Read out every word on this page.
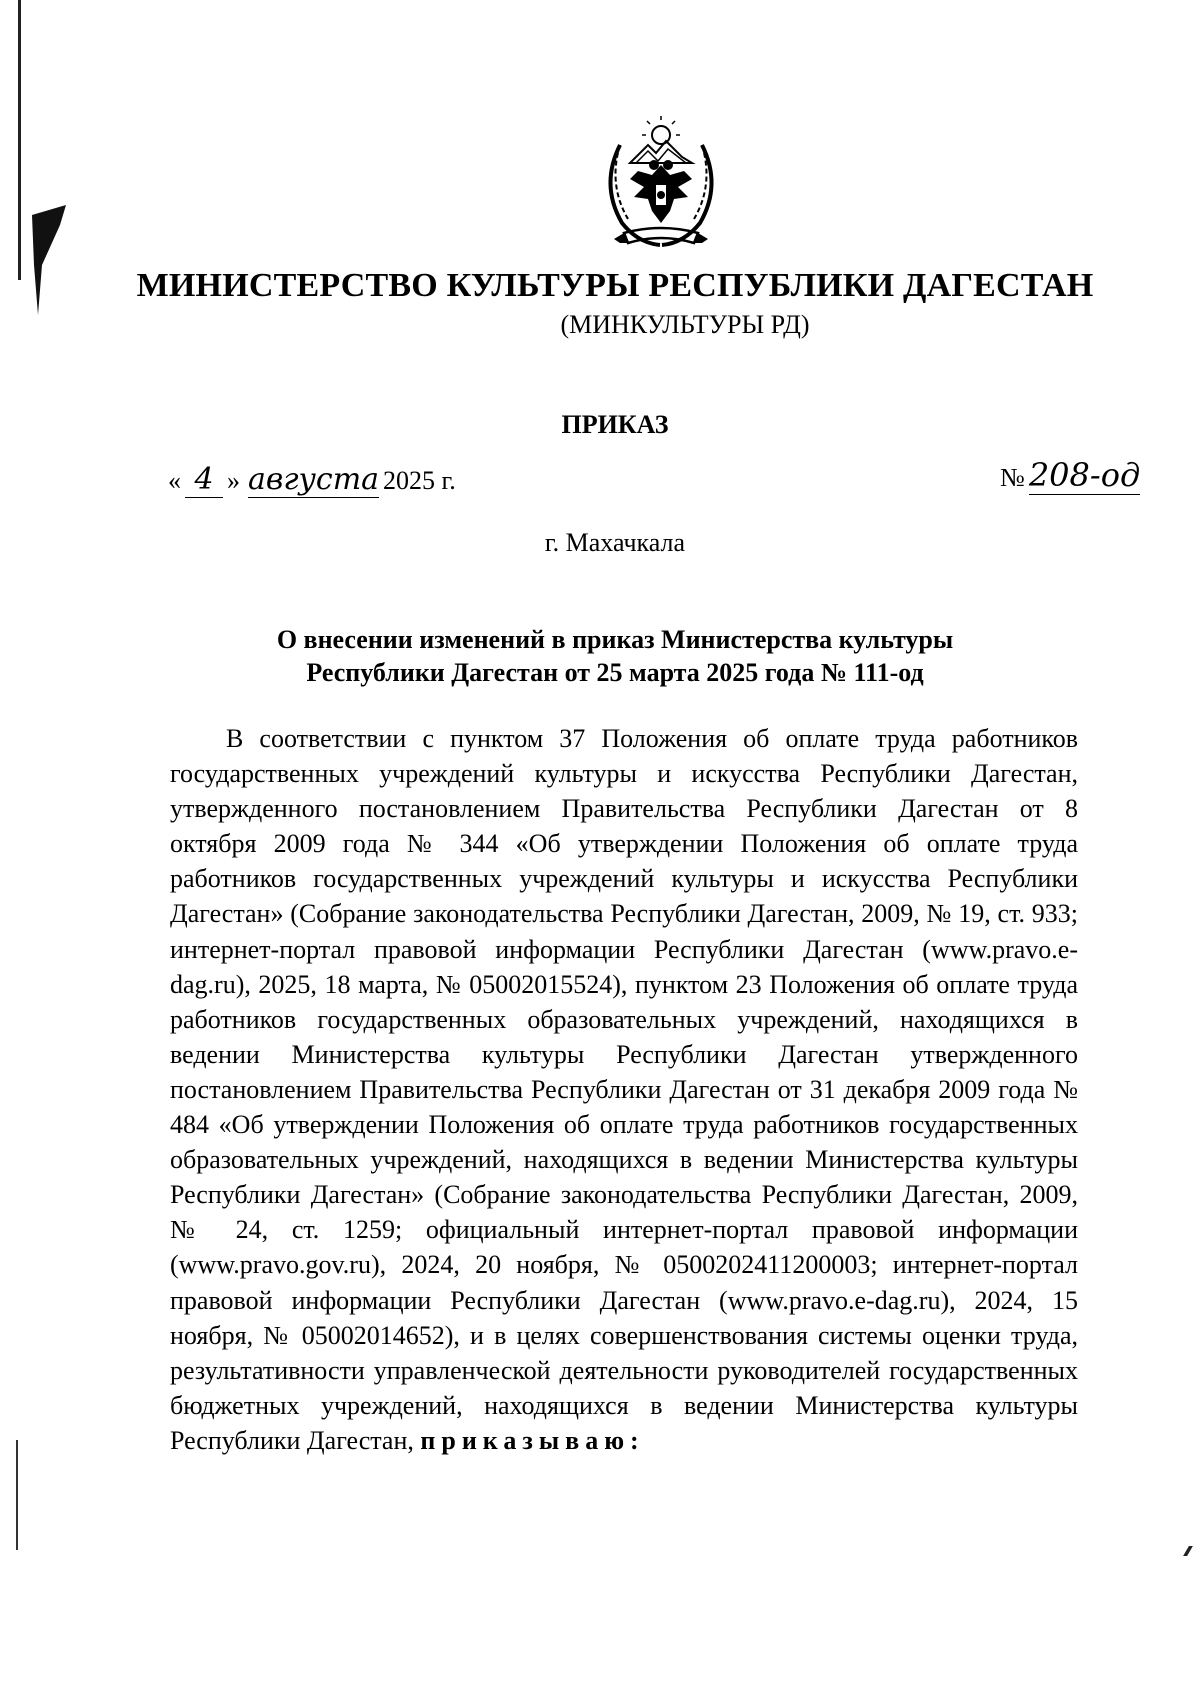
МИНИСТЕРСТВО КУЛЬТУРЫ РЕСПУБЛИКИ ДАГЕСТАН
(МИНКУЛЬТУРЫ РД)
ПРИКАЗ
« 4 » августа 2025 г.	№ 208-од
г. Махачкала
О внесении изменений в приказ Министерства культуры
Республики Дагестан от 25 марта 2025 года № 111-од

В соответствии с пунктом 37 Положения об оплате труда работников государственных учреждений культуры и искусства Республики Дагестан, утвержденного постановлением Правительства Республики Дагестан от 8 октября 2009 года № 344 «Об утверждении Положения об оплате труда работников государственных учреждений культуры и искусства Республики Дагестан» (Собрание законодательства Республики Дагестан, 2009, № 19, ст. 933; интернет-портал правовой информации Республики Дагестан (www.pravo.e-dag.ru), 2025, 18 марта, № 05002015524), пунктом 23 Положения об оплате труда работников государственных образовательных учреждений, находящихся в ведении Министерства культуры Республики Дагестан утвержденного постановлением Правительства Республики Дагестан от 31 декабря 2009 года № 484 «Об утверждении Положения об оплате труда работников государственных образовательных учреждений, находящихся в ведении Министерства культуры Республики Дагестан» (Собрание законодательства Республики Дагестан, 2009, № 24, ст. 1259; официальный интернет-портал правовой информации (www.pravo.gov.ru), 2024, 20 ноября, № 0500202411200003; интернет-портал правовой информации Республики Дагестан (www.pravo.e-dag.ru), 2024, 15 ноября, № 05002014652), и в целях совершенствования системы оценки труда, результативности управленческой деятельности руководителей государственных бюджетных учреждений, находящихся в ведении Министерства культуры Республики Дагестан, приказываю:
